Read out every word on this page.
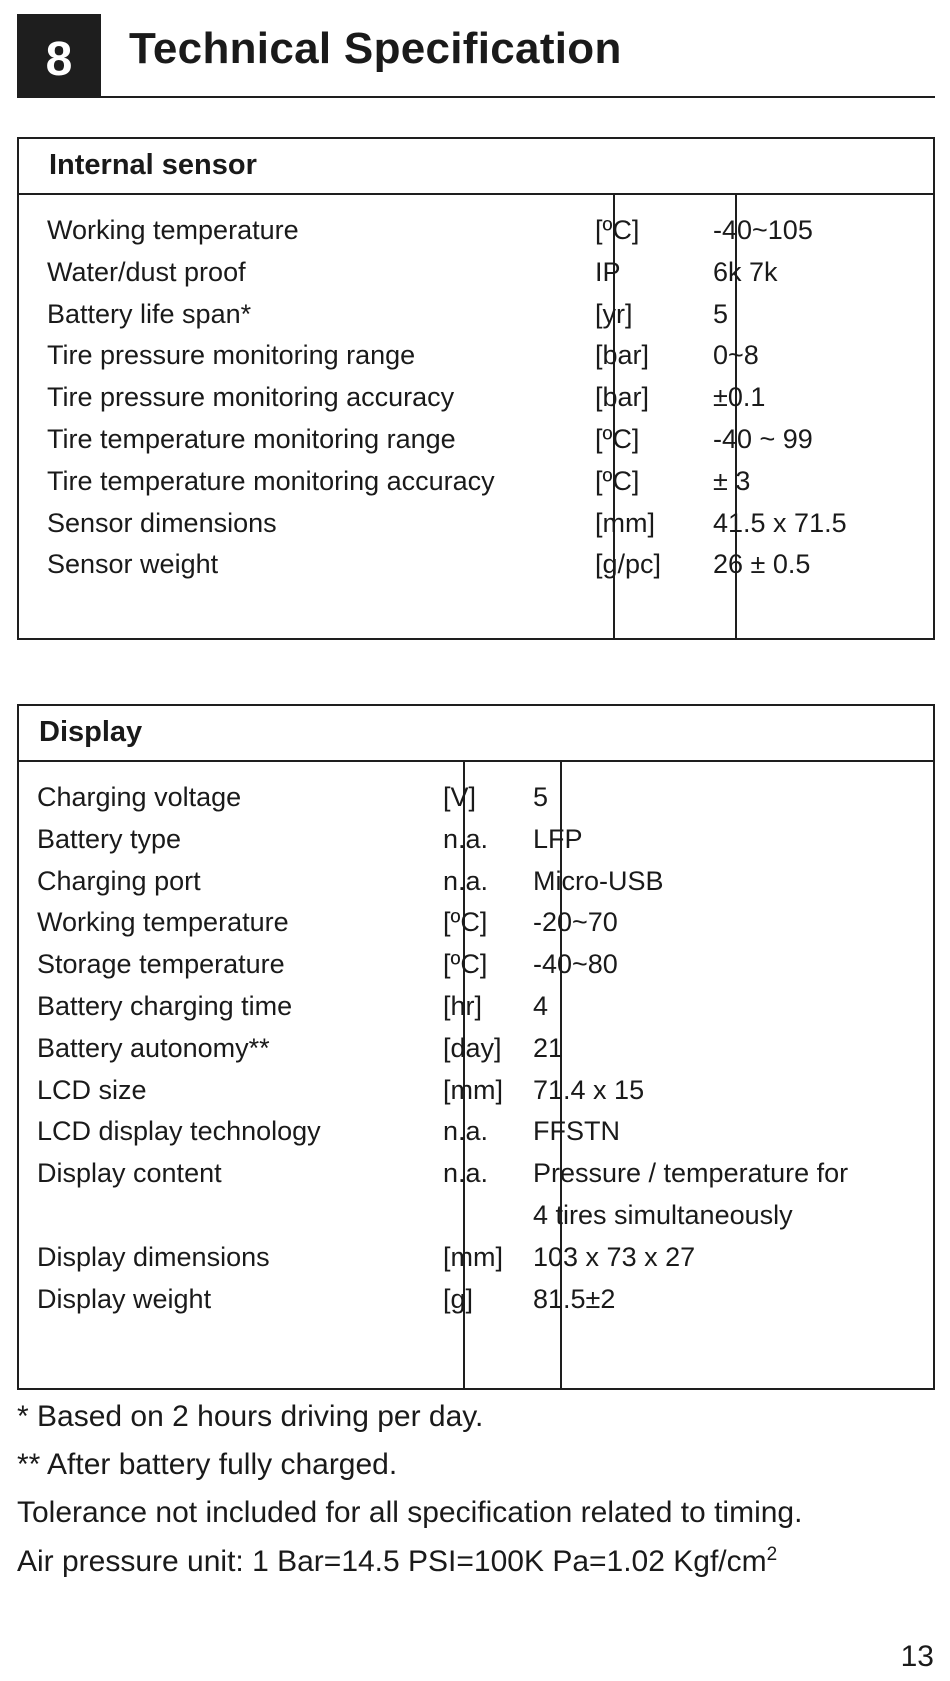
8	Technical Specification
Internal sensor
Working temperature	[ºC]	-40~105
Water/dust proof	IP	6k 7k
Battery life span*	[yr]	5
Tire pressure monitoring range	[bar] 0~8
Tire pressure monitoring accuracy	[bar] ±0.1
Tire temperature monitoring range	[ºC]	-40 ~ 99
Tire temperature monitoring accuracy	[ºC]	± 3
Sensor dimensions	[mm] 41.5 x 71.5
Sensor weight	[g/pc] 26 ± 0.5
Display
Charging voltage	[V] 5
Battery type	n.a. LFP
Charging port	n.a. Micro-USB
Working temperature	[ºC] -20~70
Storage temperature	[ºC] -40~80
Battery charging time	[hr] 4
Battery autonomy**	[day] 21
LCD size	[mm] 71.4 x 15
LCD display technology	n.a. FFSTN
Display content	n.a. Pressure / temperature for
4 tires simultaneously
Display dimensions	[mm] 103 x 73 x 27
Display weight	[g] 81.5±2
* Based on 2 hours driving per day.
** After battery fully charged.
Tolerance not included for all specification related to timing.
Air pressure unit: 1 Bar=14.5 PSI=100K Pa=1.02 Kgf/$cm^2$
13
